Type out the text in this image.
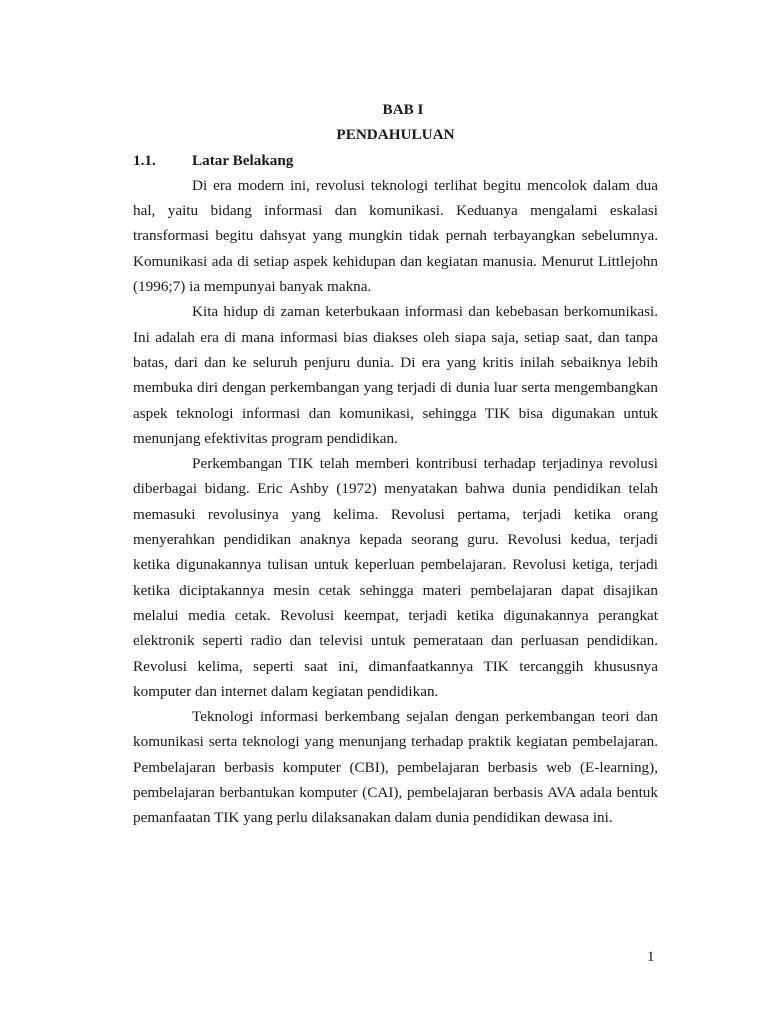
BAB I

PENDAHULUAN

1.1.	Latar Belakang

Di era modern ini, revolusi teknologi terlihat begitu mencolok dalam dua hal, yaitu bidang informasi dan komunikasi. Keduanya mengalami eskalasi transformasi begitu dahsyat yang mungkin tidak pernah terbayangkan sebelumnya. Komunikasi ada di setiap aspek kehidupan dan kegiatan manusia. Menurut Littlejohn (1996;7) ia mempunyai banyak makna.

Kita hidup di zaman keterbukaan informasi dan kebebasan berkomunikasi. Ini adalah era di mana informasi bias diakses oleh siapa saja, setiap saat, dan tanpa batas, dari dan ke seluruh penjuru dunia. Di era yang kritis inilah sebaiknya lebih membuka diri dengan perkembangan yang terjadi di dunia luar serta mengembangkan aspek teknologi informasi dan komunikasi, sehingga TIK bisa digunakan untuk menunjang efektivitas program pendidikan.

Perkembangan TIK telah memberi kontribusi terhadap terjadinya revolusi diberbagai bidang. Eric Ashby (1972) menyatakan bahwa dunia pendidikan telah memasuki revolusinya yang kelima. Revolusi pertama, terjadi ketika orang menyerahkan pendidikan anaknya kepada seorang guru. Revolusi kedua, terjadi ketika digunakannya tulisan untuk keperluan pembelajaran. Revolusi ketiga, terjadi ketika diciptakannya mesin cetak sehingga materi pembelajaran dapat disajikan melalui media cetak. Revolusi keempat, terjadi ketika digunakannya perangkat elektronik seperti radio dan televisi untuk pemerataan dan perluasan pendidikan. Revolusi kelima, seperti saat ini, dimanfaatkannya TIK tercanggih khususnya komputer dan internet dalam kegiatan pendidikan.

Teknologi informasi berkembang sejalan dengan perkembangan teori dan komunikasi serta teknologi yang menunjang terhadap praktik kegiatan pembelajaran. Pembelajaran berbasis komputer (CBI), pembelajaran berbasis web (E-learning), pembelajaran berbantukan komputer (CAI), pembelajaran berbasis AVA adala bentuk pemanfaatan TIK yang perlu dilaksanakan dalam dunia pendidikan dewasa ini.

1
